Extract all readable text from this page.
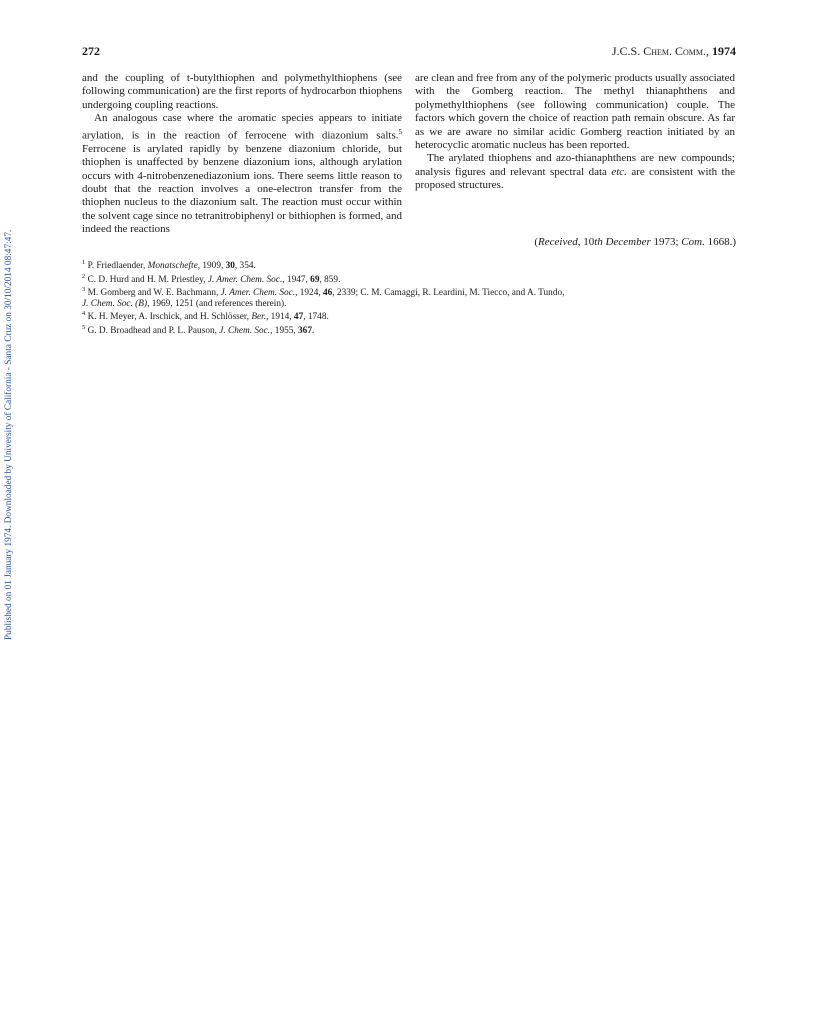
Published on 01 January 1974. Downloaded by University of California - Santa Cruz on 30/10/2014 08:47:47.
272	J.C.S. Chem. Comm., 1974

and the coupling of t-butylthiophen and polymethylthiophens (see following communication) are the first reports of hydrocarbon thiophens undergoing coupling reactions.

An analogous case where the aromatic species appears to initiate arylation, is in the reaction of ferrocene with diazonium salts.$^5$ Ferrocene is arylated rapidly by benzene diazonium chloride, but thiophen is unaffected by benzene diazonium ions, although arylation occurs with 4-nitrobenzenediazonium ions. There seems little reason to doubt that the reaction involves a one-electron transfer from the thiophen nucleus to the diazonium salt. The reaction must occur within the solvent cage since no tetranitrobiphenyl or bithiophen is formed, and indeed the reactions

are clean and free from any of the polymeric products usually associated with the Gomberg reaction. The methyl thianaphthens and polymethylthiophens (see following communication) couple. The factors which govern the choice of reaction path remain obscure. As far as we are aware no similar acidic Gomberg reaction initiated by an heterocyclic aromatic nucleus has been reported.

The arylated thiophens and azo-thianaphthens are new compounds; analysis figures and relevant spectral data etc. are consistent with the proposed structures.

(Received, 10th December 1973; Com. 1668.)

$^1$ P. Friedlaender, Monatschefte, 1909, 30, 354.

$^2$ C. D. Hurd and H. M. Priestley, J. Amer. Chem. Soc., 1947, 69, 859.

$^3$ M. Gomberg and W. E. Bachmann, J. Amer. Chem. Soc., 1924, 46, 2339; C. M. Camaggi, R. Leardini, M. Tiecco, and A. Tundo,
J. Chem. Soc. (B), 1969, 1251 (and references therein).

$^4$ K. H. Meyer, A. Irschick, and H. Schlösser, Ber., 1914, 47, 1748.

$^5$ G. D. Broadhead and P. L. Pauson, J. Chem. Soc., 1955, 367.
